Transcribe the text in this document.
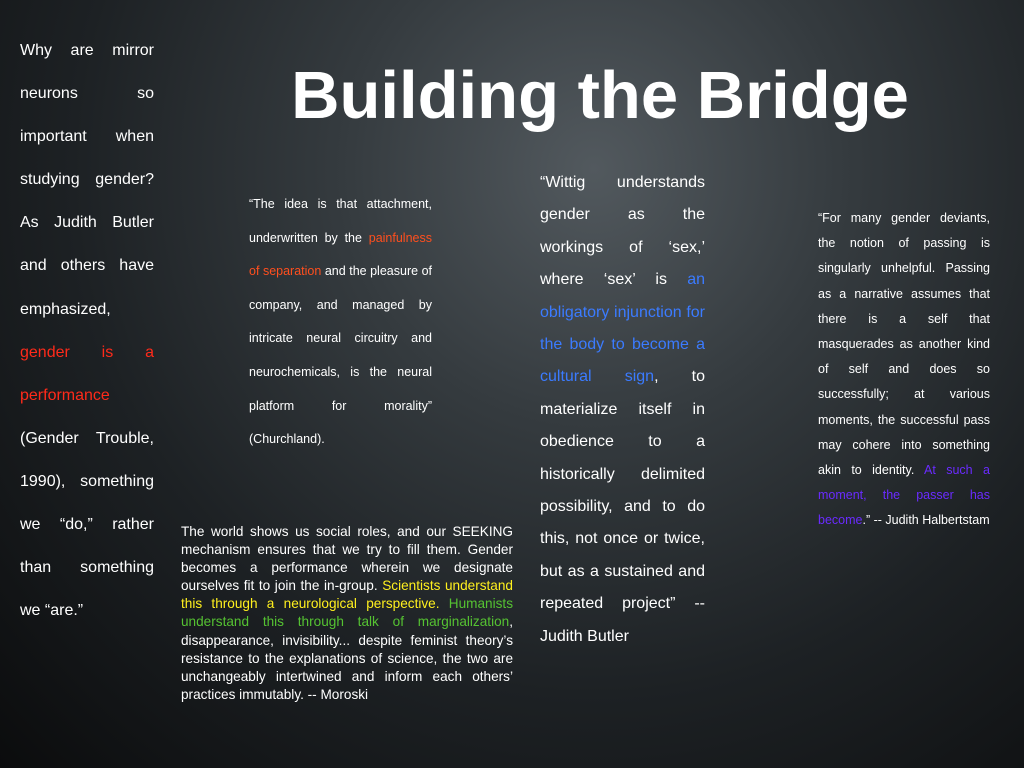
Building the Bridge

Why are mirror neurons so important when studying gender? As Judith Butler and others have emphasized, gender is a performance (Gender Trouble, 1990), something we “do,” rather than something we “are.”

“The idea is that attachment, underwritten by the painfulness of separation and the pleasure of company, and managed by intricate neural circuitry and neurochemicals, is the neural platform for morality” (Churchland).

“Wittig understands gender as the workings of ‘sex,’ where ‘sex’ is an obligatory injunction for the body to become a cultural sign, to materialize itself in obedience to a historically delimited possibility, and to do this, not once or twice, but as a sustained and repeated project” -- Judith Butler

“For many gender deviants, the notion of passing is singularly unhelpful. Passing as a narrative assumes that there is a self that masquerades as another kind of self and does so successfully; at various moments, the successful pass may cohere into something akin to identity. At such a moment, the passer has become.” -- Judith Halbertstam

The world shows us social roles, and our SEEKING mechanism ensures that we try to fill them. Gender becomes a performance wherein we designate ourselves fit to join the in-group. Scientists understand this through a neurological perspective. Humanists understand this through talk of marginalization, disappearance, invisibility... despite feminist theory’s resistance to the explanations of science, the two are unchangeably intertwined and inform each others’ practices immutably. -- Moroski
